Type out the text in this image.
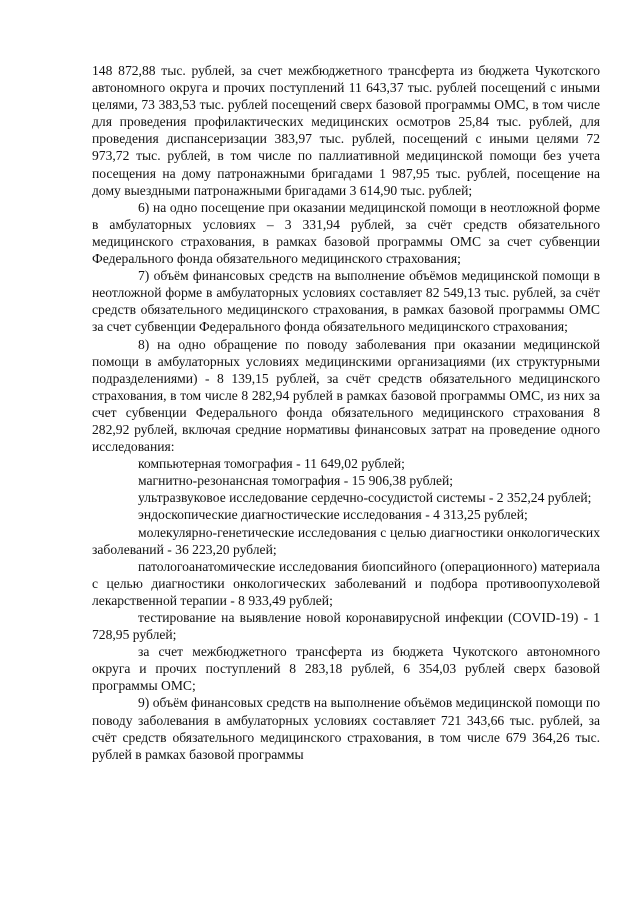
148 872,88 тыс. рублей, за счет межбюджетного трансферта из бюджета Чукотского автономного округа и прочих поступлений 11 643,37 тыс. рублей посещений с иными целями, 73 383,53 тыс. рублей посещений сверх базовой программы ОМС, в том числе для проведения профилактических медицинских осмотров 25,84 тыс. рублей, для проведения диспансеризации 383,97 тыс. рублей, посещений с иными целями 72 973,72 тыс. рублей, в том числе по паллиативной медицинской помощи без учета посещения на дому патронажными бригадами 1 987,95 тыс. рублей, посещение на дому выездными патронажными бригадами 3 614,90 тыс. рублей;

6) на одно посещение при оказании медицинской помощи в неотложной форме в амбулаторных условиях – 3 331,94 рублей, за счёт средств обязательного медицинского страхования, в рамках базовой программы ОМС за счет субвенции Федерального фонда обязательного медицинского страхования;

7) объём финансовых средств на выполнение объёмов медицинской помощи в неотложной форме в амбулаторных условиях составляет 82 549,13 тыс. рублей, за счёт средств обязательного медицинского страхования, в рамках базовой программы ОМС за счет субвенции Федерального фонда обязательного медицинского страхования;

8) на одно обращение по поводу заболевания при оказании медицинской помощи в амбулаторных условиях медицинскими организациями (их структурными подразделениями) - 8 139,15 рублей, за счёт средств обязательного медицинского страхования, в том числе 8 282,94 рублей в рамках базовой программы ОМС, из них за счет субвенции Федерального фонда обязательного медицинского страхования 8 282,92 рублей, включая средние нормативы финансовых затрат на проведение одного исследования:

компьютерная томография - 11 649,02 рублей;

магнитно-резонансная томография - 15 906,38 рублей;

ультразвуковое исследование сердечно-сосудистой системы - 2 352,24 рублей;

эндоскопические диагностические исследования - 4 313,25 рублей;

молекулярно-генетические исследования с целью диагностики онкологических заболеваний - 36 223,20 рублей;

патологоанатомические исследования биопсийного (операционного) материала с целью диагностики онкологических заболеваний и подбора противоопухолевой лекарственной терапии - 8 933,49 рублей;

тестирование на выявление новой коронавирусной инфекции (COVID-19) - 1 728,95 рублей;

за счет межбюджетного трансферта из бюджета Чукотского автономного округа и прочих поступлений 8 283,18 рублей, 6 354,03 рублей сверх базовой программы ОМС;

9) объём финансовых средств на выполнение объёмов медицинской помощи по поводу заболевания в амбулаторных условиях составляет 721 343,66 тыс. рублей, за счёт средств обязательного медицинского страхования, в том числе 679 364,26 тыс. рублей в рамках базовой программы
